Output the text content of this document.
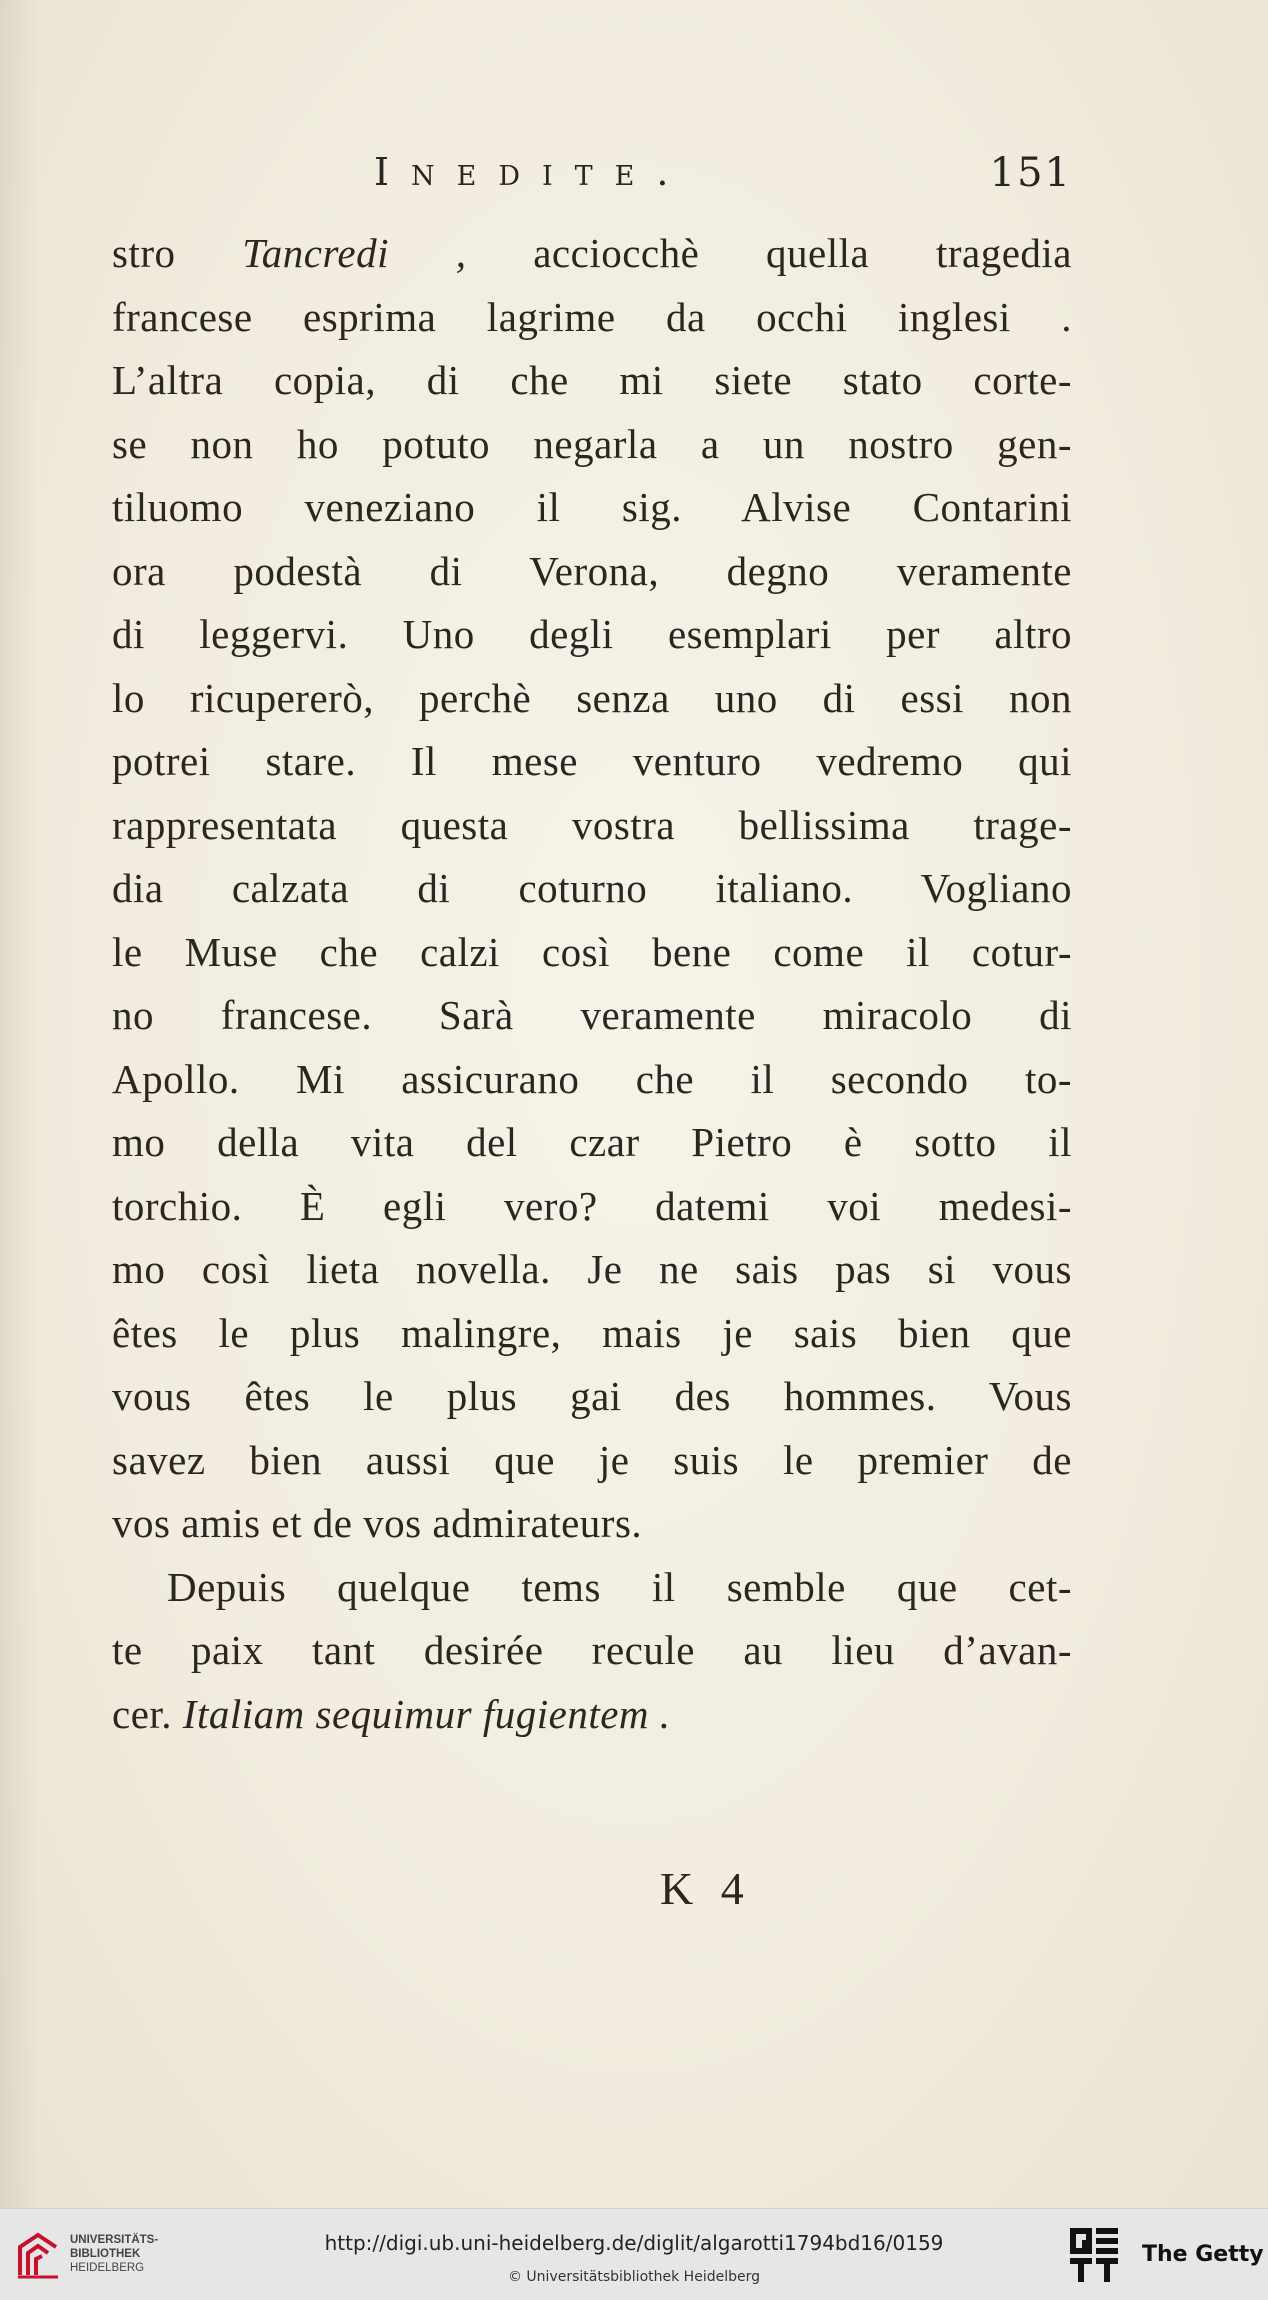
Inedite.	151
stro Tancredi , acciocchè quella tragedia
francese esprima lagrime da occhi inglesi .
L’altra copia, di che mi siete stato corte-
se non ho potuto negarla a un nostro gen-
tiluomo veneziano il sig. Alvise Contarini
ora podestà di Verona, degno veramente
di leggervi. Uno degli esemplari per altro
lo ricupererò, perchè senza uno di essi non
potrei stare. Il mese venturo vedremo qui
rappresentata questa vostra bellissima trage-
dia calzata di coturno italiano. Vogliano
le Muse che calzi così bene come il cotur-
no francese. Sarà veramente miracolo di
Apollo. Mi assicurano che il secondo to-
mo della vita del czar Pietro è sotto il
torchio. È egli vero? datemi voi medesi-
mo così lieta novella. Je ne sais pas si vous
êtes le plus malingre, mais je sais bien que
vous êtes le plus gai des hommes. Vous
savez bien aussi que je suis le premier de
vos amis et de vos admirateurs.
Depuis quelque tems il semble que cet-
te paix tant desirée recule au lieu d’avan-
cer. Italiam sequimur fugientem .
K 4
UNIVERSITÄTS-
BIBLIOTHEK
HEIDELBERG
http://digi.ub.uni-heidelberg.de/diglit/algarotti1794bd16/0159
© Universitätsbibliothek Heidelberg
The Getty
